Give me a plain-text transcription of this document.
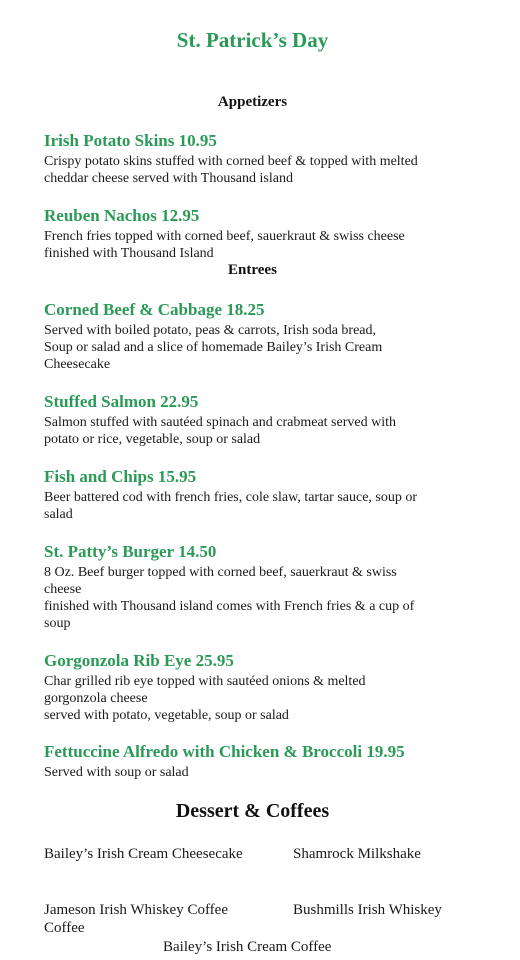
St. Patrick’s Day
Appetizers
Irish Potato Skins 10.95
Crispy potato skins stuffed with corned beef & topped with melted
cheddar cheese served with Thousand island
Reuben Nachos 12.95
French fries topped with corned beef, sauerkraut & swiss cheese
finished with Thousand Island
Entrees
Corned Beef & Cabbage 18.25
Served with boiled potato, peas & carrots, Irish soda bread,
Soup or salad and a slice of homemade Bailey’s Irish Cream
Cheesecake
Stuffed Salmon 22.95
Salmon stuffed with sautéed spinach and crabmeat served with
potato or rice, vegetable, soup or salad
Fish and Chips 15.95
Beer battered cod with french fries, cole slaw, tartar sauce, soup or
salad
St. Patty’s Burger 14.50
8 Oz. Beef burger topped with corned beef, sauerkraut & swiss
cheese
finished with Thousand island comes with French fries & a cup of
soup
Gorgonzola Rib Eye 25.95
Char grilled rib eye topped with sautéed onions & melted
gorgonzola cheese
served with potato, vegetable, soup or salad
Fettuccine Alfredo with Chicken & Broccoli 19.95
Served with soup or salad
Dessert & Coffees
Bailey’s Irish Cream Cheesecake	Shamrock Milkshake
Jameson Irish Whiskey Coffee	Bushmills Irish Whiskey
Coffee
Bailey’s Irish Cream Coffee
